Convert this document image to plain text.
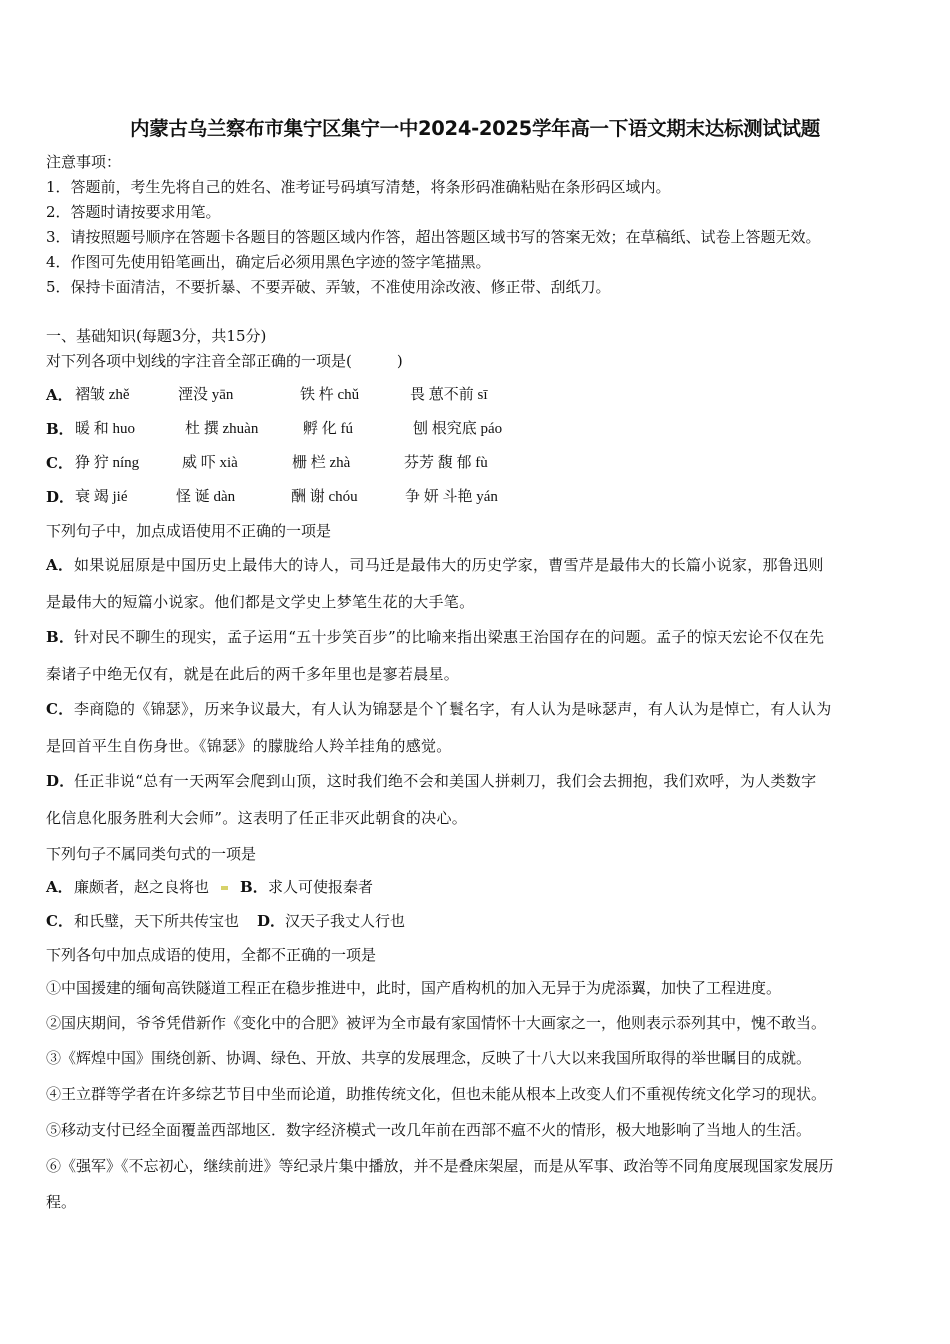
内蒙古乌兰察布市集宁区集宁一中2024-2025学年高一下语文期末达标测试试题
注意事项：
1．答题前，考生先将自己的姓名、准考证号码填写清楚，将条形码准确粘贴在条形码区域内。
2．答题时请按要求用笔。
3．请按照题号顺序在答题卡各题目的答题区域内作答，超出答题区域书写的答案无效；在草稿纸、试卷上答题无效。
4．作图可先使用铅笔画出，确定后必须用黑色字迹的签字笔描黑。
5．保持卡面清洁，不要折暴、不要弄破、弄皱，不准使用涂改液、修正带、刮纸刀。
一、基础知识(每题3分，共15分)
对下列各项中划线的字注音全部正确的一项是(　　　)
A． 褶皱 zhě	湮没 yān	铁 杵 chǔ	畏 葸不前 sī
B． 暖 和 huo	杜 撰 zhuàn	孵 化 fú	刨 根究底 páo
C． 狰 狞 níng	威 吓 xià	栅 栏 zhà	芬芳 馥 郁 fù
D． 衰 竭 jié	怪 诞 dàn	酬 谢 chóu	争 妍 斗艳 yán
下列句子中，加点成语使用不正确的一项是
A．如果说屈原是中国历史上最伟大的诗人，司马迁是最伟大的历史学家，曹雪芹是最伟大的长篇小说家，那鲁迅则
是最伟大的短篇小说家。他们都是文学史上梦笔生花的大手笔。
B．针对民不聊生的现实，孟子运用“五十步笑百步”的比喻来指出梁惠王治国存在的问题。孟子的惊天宏论不仅在先
秦诸子中绝无仅有，就是在此后的两千多年里也是寥若晨星。
C．李商隐的《锦瑟》，历来争议最大，有人认为锦瑟是个丫鬟名字，有人认为是咏瑟声，有人认为是悼亡，有人认为
是回首平生自伤身世。《锦瑟》的朦胧给人羚羊挂角的感觉。
D．任正非说“总有一天两军会爬到山顶，这时我们绝不会和美国人拼刺刀，我们会去拥抱，我们欢呼，为人类数字
化信息化服务胜利大会师”。这表明了任正非灭此朝食的决心。
下列句子不属同类句式的一项是
A．廉颇者，赵之良将也 B．求人可使报秦者
C．和氏璧，天下所共传宝也 D．汉天子我丈人行也
下列各句中加点成语的使用，全都不正确的一项是
①中国援建的缅甸高铁隧道工程正在稳步推进中，此时，国产盾构机的加入无异于为虎添翼，加快了工程进度。
②国庆期间，爷爷凭借新作《变化中的合肥》被评为全市最有家国情怀十大画家之一，他则表示忝列其中，愧不敢当。
③《辉煌中国》围绕创新、协调、绿色、开放、共享的发展理念，反映了十八大以来我国所取得的举世瞩目的成就。
④王立群等学者在许多综艺节目中坐而论道，助推传统文化，但也未能从根本上改变人们不重视传统文化学习的现状。
⑤移动支付已经全面覆盖西部地区．数字经济模式一改几年前在西部不瘟不火的情形，极大地影响了当地人的生活。
⑥《强军》《不忘初心，继续前进》等纪录片集中播放，并不是叠床架屋，而是从军事、政治等不同角度展现国家发展历
程。
